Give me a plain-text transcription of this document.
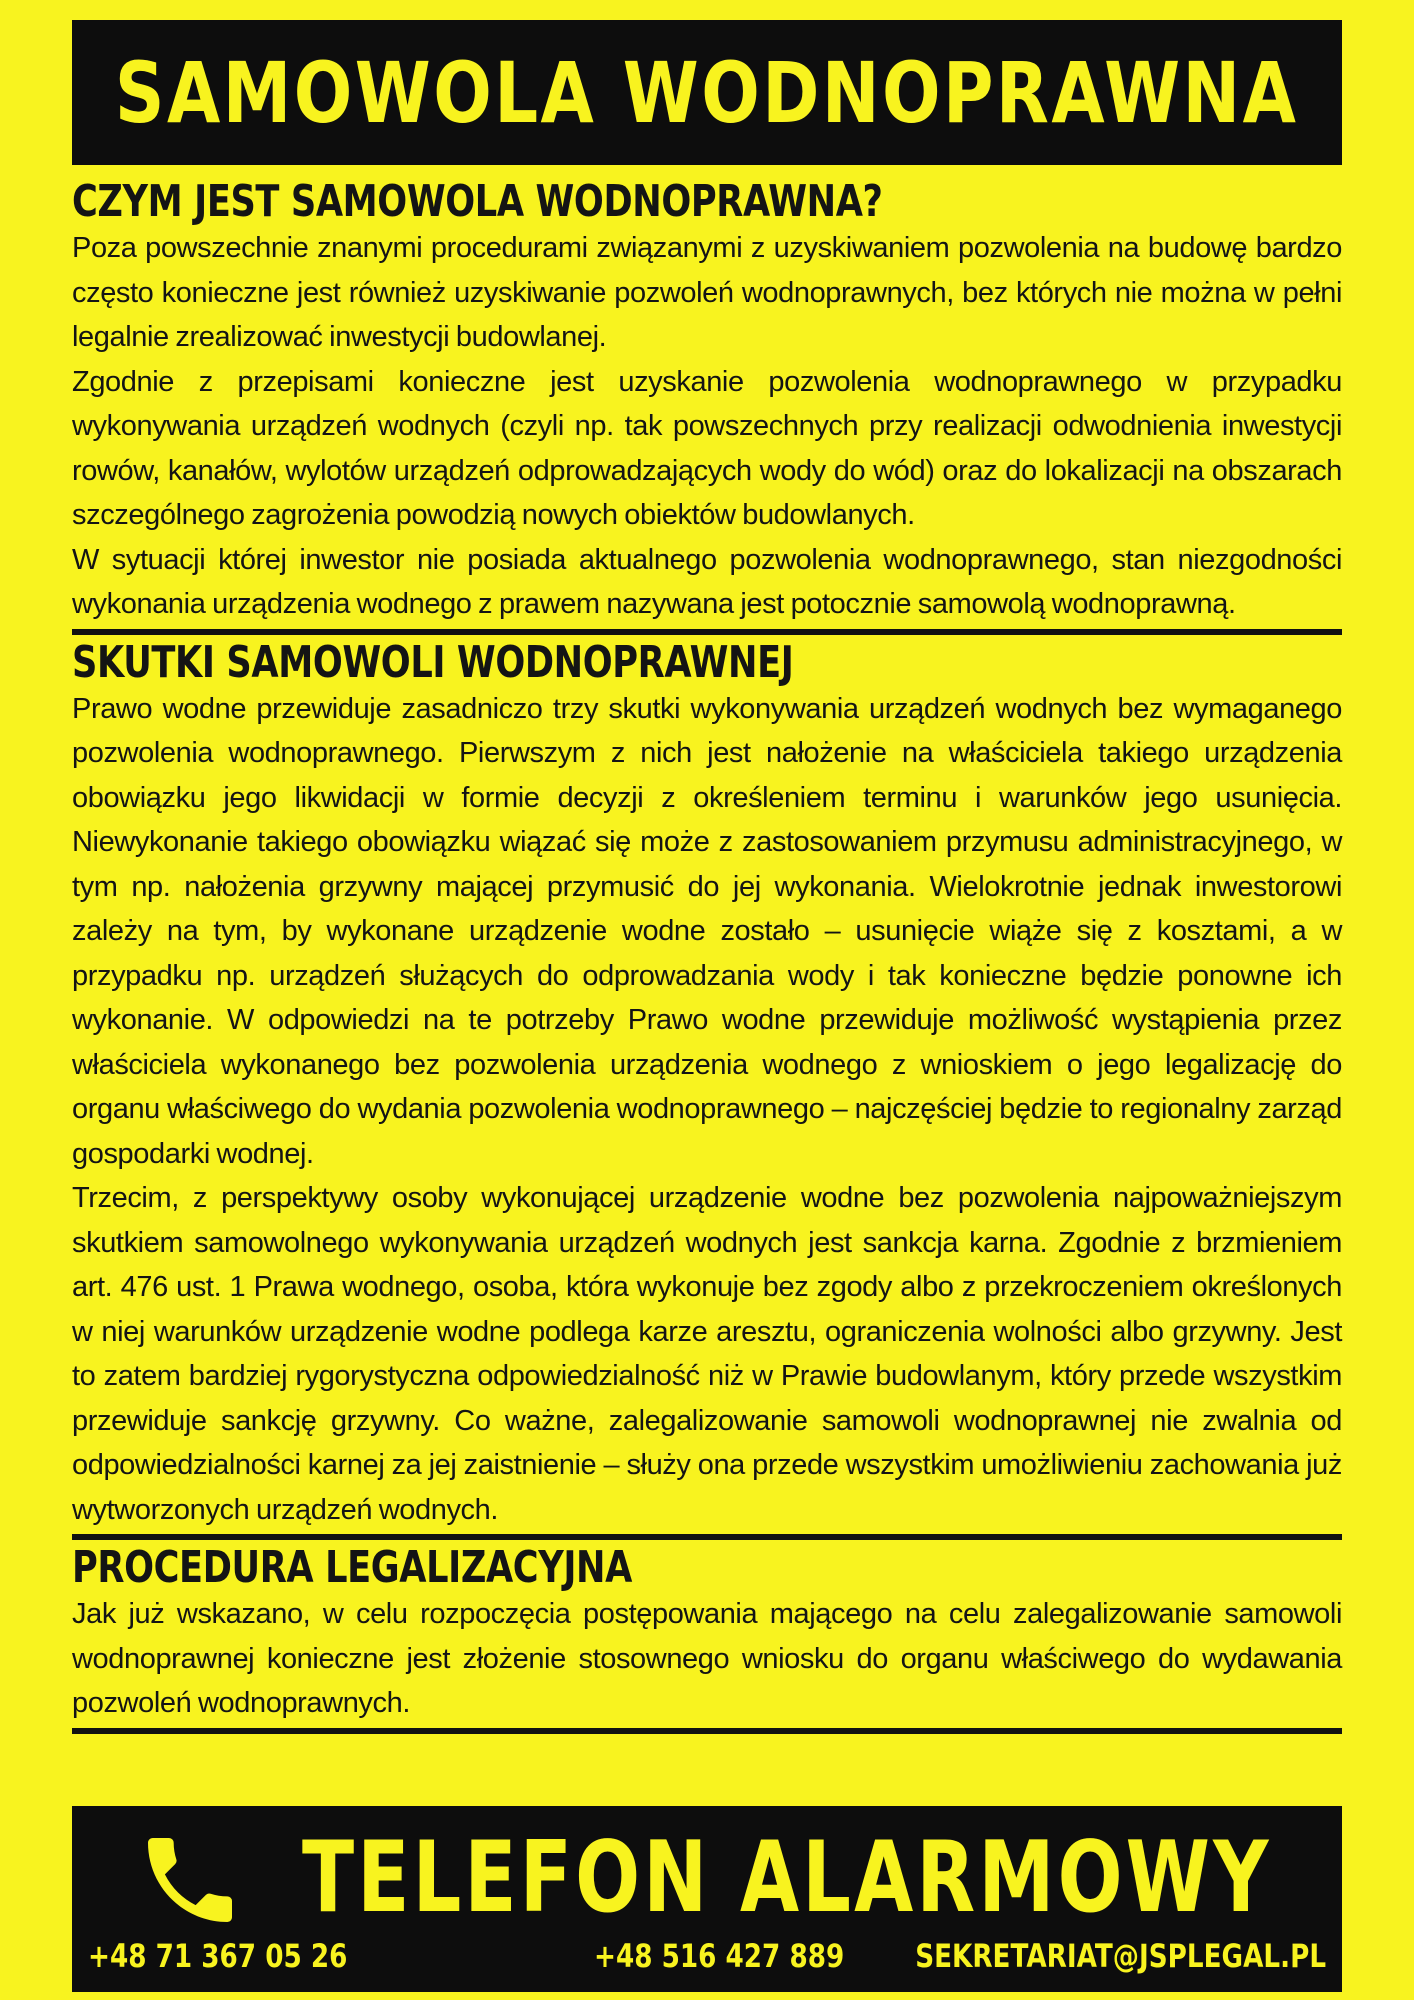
SAMOWOLA WODNOPRAWNA
CZYM JEST SAMOWOLA WODNOPRAWNA?

Poza powszechnie znanymi procedurami związanymi z uzyskiwaniem pozwolenia na budowę bardzo często konieczne jest również uzyskiwanie pozwoleń wodnoprawnych, bez których nie można w pełni legalnie zrealizować inwestycji budowlanej.

Zgodnie z przepisami konieczne jest uzyskanie pozwolenia wodnoprawnego w przypadku wykonywania urządzeń wodnych (czyli np. tak powszechnych przy realizacji odwodnienia inwestycji rowów, kanałów, wylotów urządzeń odprowadzających wody do wód) oraz do lokalizacji na obszarach szczególnego zagrożenia powodzią nowych obiektów budowlanych.

W sytuacji której inwestor nie posiada aktualnego pozwolenia wodnoprawnego, stan niezgodności wykonania urządzenia wodnego z prawem nazywana jest potocznie samowolą wodnoprawną.

SKUTKI SAMOWOLI WODNOPRAWNEJ

Prawo wodne przewiduje zasadniczo trzy skutki wykonywania urządzeń wodnych bez wymaganego pozwolenia wodnoprawnego. Pierwszym z nich jest nałożenie na właściciela takiego urządzenia obowiązku jego likwidacji w formie decyzji z określeniem terminu i warunków jego usunięcia. Niewykonanie takiego obowiązku wiązać się może z zastosowaniem przymusu administracyjnego, w tym np. nałożenia grzywny mającej przymusić do jej wykonania. Wielokrotnie jednak inwestorowi zależy na tym, by wykonane urządzenie wodne zostało – usunięcie wiąże się z kosztami, a w przypadku np. urządzeń służących do odprowadzania wody i tak konieczne będzie ponowne ich wykonanie. W odpowiedzi na te potrzeby Prawo wodne przewiduje możliwość wystąpienia przez właściciela wykonanego bez pozwolenia urządzenia wodnego z wnioskiem o jego legalizację do organu właściwego do wydania pozwolenia wodnoprawnego – najczęściej będzie to regionalny zarząd gospodarki wodnej.

Trzecim, z perspektywy osoby wykonującej urządzenie wodne bez pozwolenia najpoważniejszym skutkiem samowolnego wykonywania urządzeń wodnych jest sankcja karna. Zgodnie z brzmieniem art. 476 ust. 1 Prawa wodnego, osoba, która wykonuje bez zgody albo z przekroczeniem określonych w niej warunków urządzenie wodne podlega karze aresztu, ograniczenia wolności albo grzywny. Jest to zatem bardziej rygorystyczna odpowiedzialność niż w Prawie budowlanym, który przede wszystkim przewiduje sankcję grzywny. Co ważne, zalegalizowanie samowoli wodnoprawnej nie zwalnia od odpowiedzialności karnej za jej zaistnienie – służy ona przede wszystkim umożliwieniu zachowania już wytworzonych urządzeń wodnych.

PROCEDURA LEGALIZACYJNA

Jak już wskazano, w celu rozpoczęcia postępowania mającego na celu zalegalizowanie samowoli wodnoprawnej konieczne jest złożenie stosownego wniosku do organu właściwego do wydawania pozwoleń wodnoprawnych.

TELEFON ALARMOWY
+48 71 367 05 26	+48 516 427 889 SEKRETARIAT@JSPLEGAL.PL
